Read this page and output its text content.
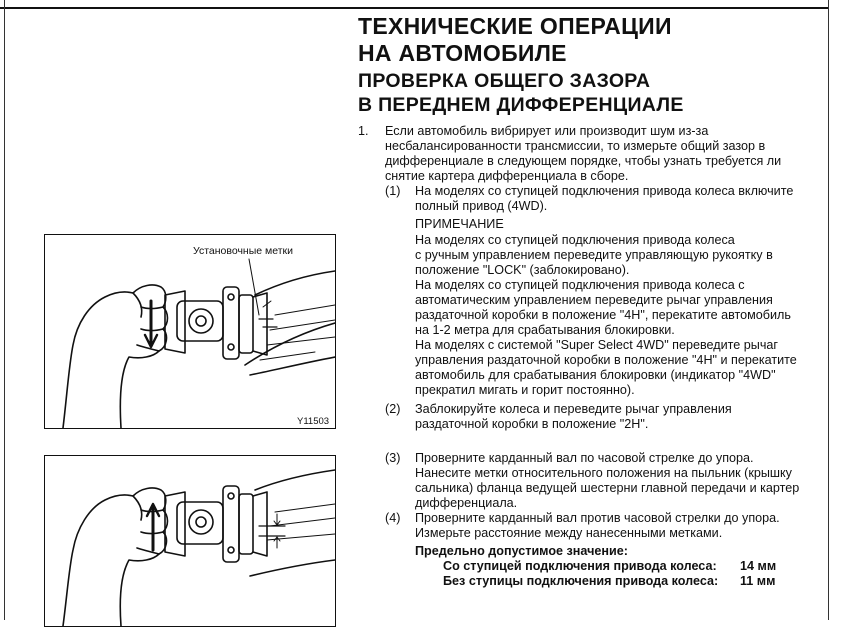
ТЕХНИЧЕСКИЕ ОПЕРАЦИИ
НА АВТОМОБИЛЕ
ПРОВЕРКА ОБЩЕГО ЗАЗОРА
В ПЕРЕДНЕМ ДИФФЕРЕНЦИАЛЕ
1. Если автомобиль вибрирует или производит шум из-за
несбалансированности трансмиссии, то измерьте общий зазор в
дифференциале в следующем порядке, чтобы узнать требуется ли
снятие картера дифференциала в сборе.
(1) На моделях со ступицей подключения привода колеса включите
полный привод (4WD).
ПРИМЕЧАНИЕ
На моделях со ступицей подключения привода колеса
с ручным управлением переведите управляющую рукоятку в
положение "LOCK" (заблокировано).
На моделях со ступицей подключения привода колеса с
автоматическим управлением переведите рычаг управления
раздаточной коробки в положение "4H", перекатите автомобиль
на 1-2 метра для срабатывания блокировки.
На моделях с системой "Super Select 4WD" переведите рычаг
управления раздаточной коробки в положение "4H" и перекатите
автомобиль для срабатывания блокировки (индикатор "4WD"
прекратил мигать и горит постоянно).
(2) Заблокируйте колеса и переведите рычаг управления
раздаточной коробки в положение "2H".
(3) Проверните карданный вал по часовой стрелке до упора.
Нанесите метки относительного положения на пыльник (крышку
сальника) фланца ведущей шестерни главной передачи и картер
дифференциала.
(4) Проверните карданный вал против часовой стрелки до упора.
Измерьте расстояние между нанесенными метками.
Предельно допустимое значение:
Со ступицей подключения привода колеса: 14 мм
Без ступицы подключения привода колеса: 11 мм
Установочные метки
Y11503
